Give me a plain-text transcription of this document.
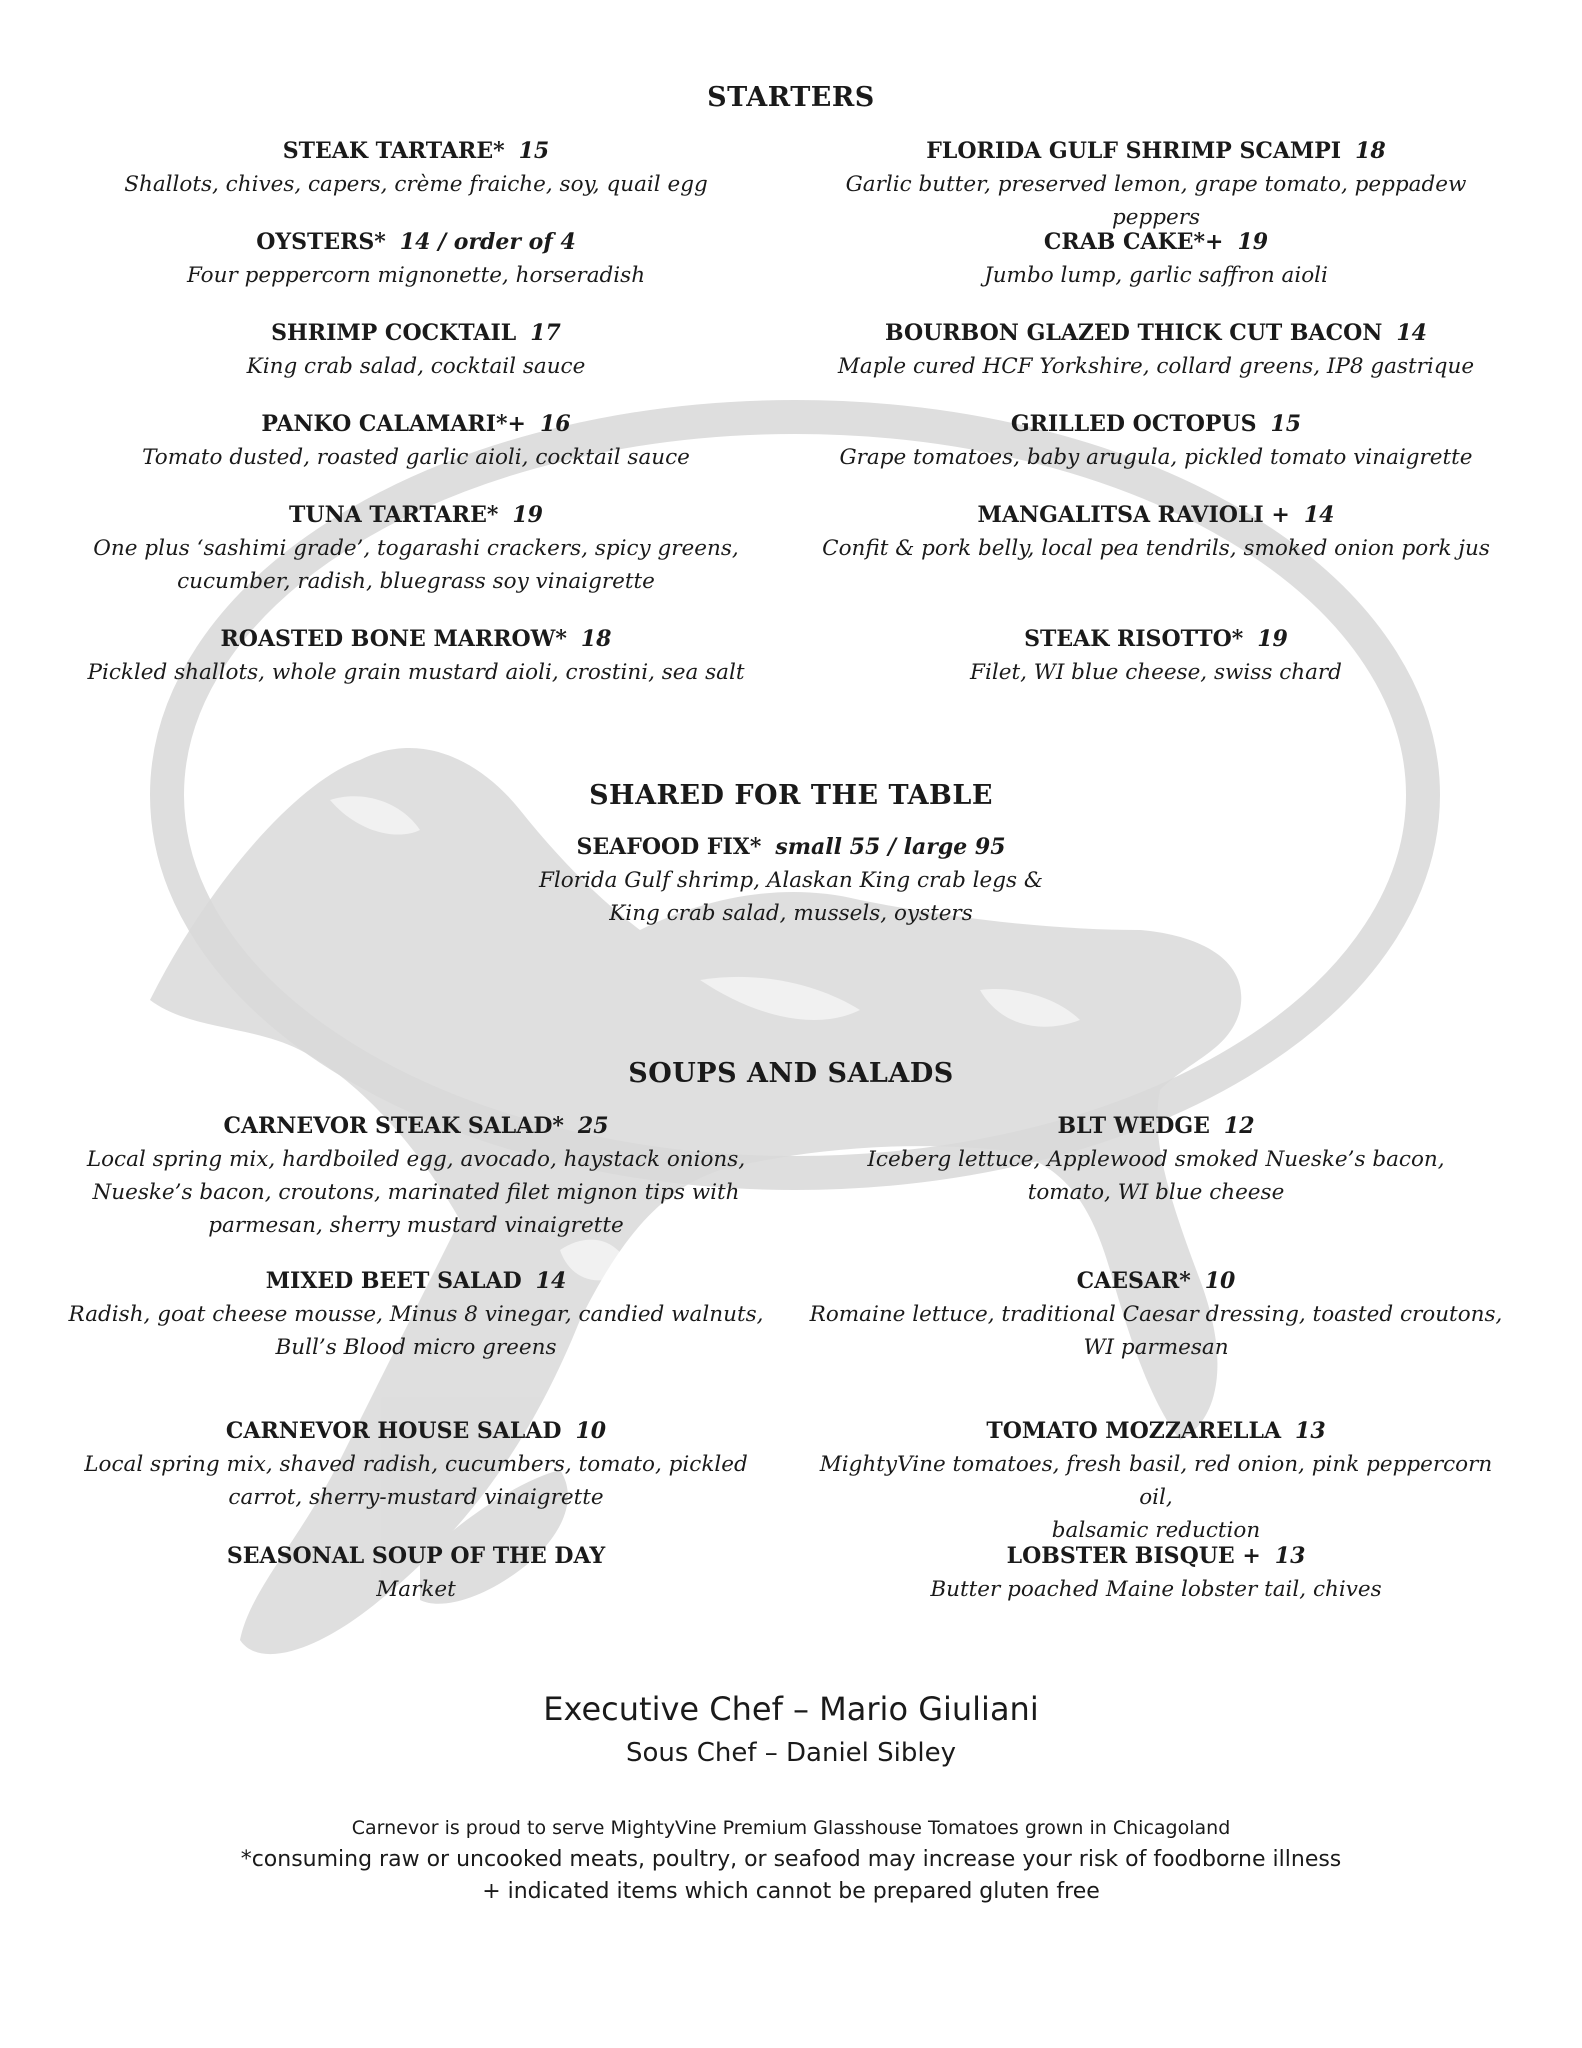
STARTERS
STEAK TARTARE* 15
Shallots, chives, capers, crème fraiche, soy, quail egg
OYSTERS* 14 / order of 4
Four peppercorn mignonette, horseradish
SHRIMP COCKTAIL 17
King crab salad, cocktail sauce
PANKO CALAMARI*+ 16
Tomato dusted, roasted garlic aioli, cocktail sauce
TUNA TARTARE* 19
One plus ‘sashimi grade’, togarashi crackers, spicy greens,
cucumber, radish, bluegrass soy vinaigrette
ROASTED BONE MARROW* 18
Pickled shallots, whole grain mustard aioli, crostini, sea salt
FLORIDA GULF SHRIMP SCAMPI 18
Garlic butter, preserved lemon, grape tomato, peppadew peppers
CRAB CAKE*+ 19
Jumbo lump, garlic saffron aioli
BOURBON GLAZED THICK CUT BACON 14
Maple cured HCF Yorkshire, collard greens, IP8 gastrique
GRILLED OCTOPUS 15
Grape tomatoes, baby arugula, pickled tomato vinaigrette
MANGALITSA RAVIOLI + 14
Confit & pork belly, local pea tendrils, smoked onion pork jus
STEAK RISOTTO* 19
Filet, WI blue cheese, swiss chard
SHARED FOR THE TABLE
SEAFOOD FIX* small 55 / large 95
Florida Gulf shrimp, Alaskan King crab legs &
King crab salad, mussels, oysters
SOUPS AND SALADS
CARNEVOR STEAK SALAD* 25
Local spring mix, hardboiled egg, avocado, haystack onions,
Nueske’s bacon, croutons, marinated filet mignon tips with
parmesan, sherry mustard vinaigrette
MIXED BEET SALAD 14
Radish, goat cheese mousse, Minus 8 vinegar, candied walnuts,
Bull’s Blood micro greens
CARNEVOR HOUSE SALAD 10
Local spring mix, shaved radish, cucumbers, tomato, pickled
carrot, sherry-mustard vinaigrette
SEASONAL SOUP OF THE DAY
Market
BLT WEDGE 12
Iceberg lettuce, Applewood smoked Nueske’s bacon,
tomato, WI blue cheese
CAESAR* 10
Romaine lettuce, traditional Caesar dressing, toasted croutons,
WI parmesan
TOMATO MOZZARELLA 13
MightyVine tomatoes, fresh basil, red onion, pink peppercorn oil,
balsamic reduction
LOBSTER BISQUE + 13
Butter poached Maine lobster tail, chives
Executive Chef – Mario Giuliani
Sous Chef – Daniel Sibley
Carnevor is proud to serve MightyVine Premium Glasshouse Tomatoes grown in Chicagoland
*consuming raw or uncooked meats, poultry, or seafood may increase your risk of foodborne illness
+ indicated items which cannot be prepared gluten free
